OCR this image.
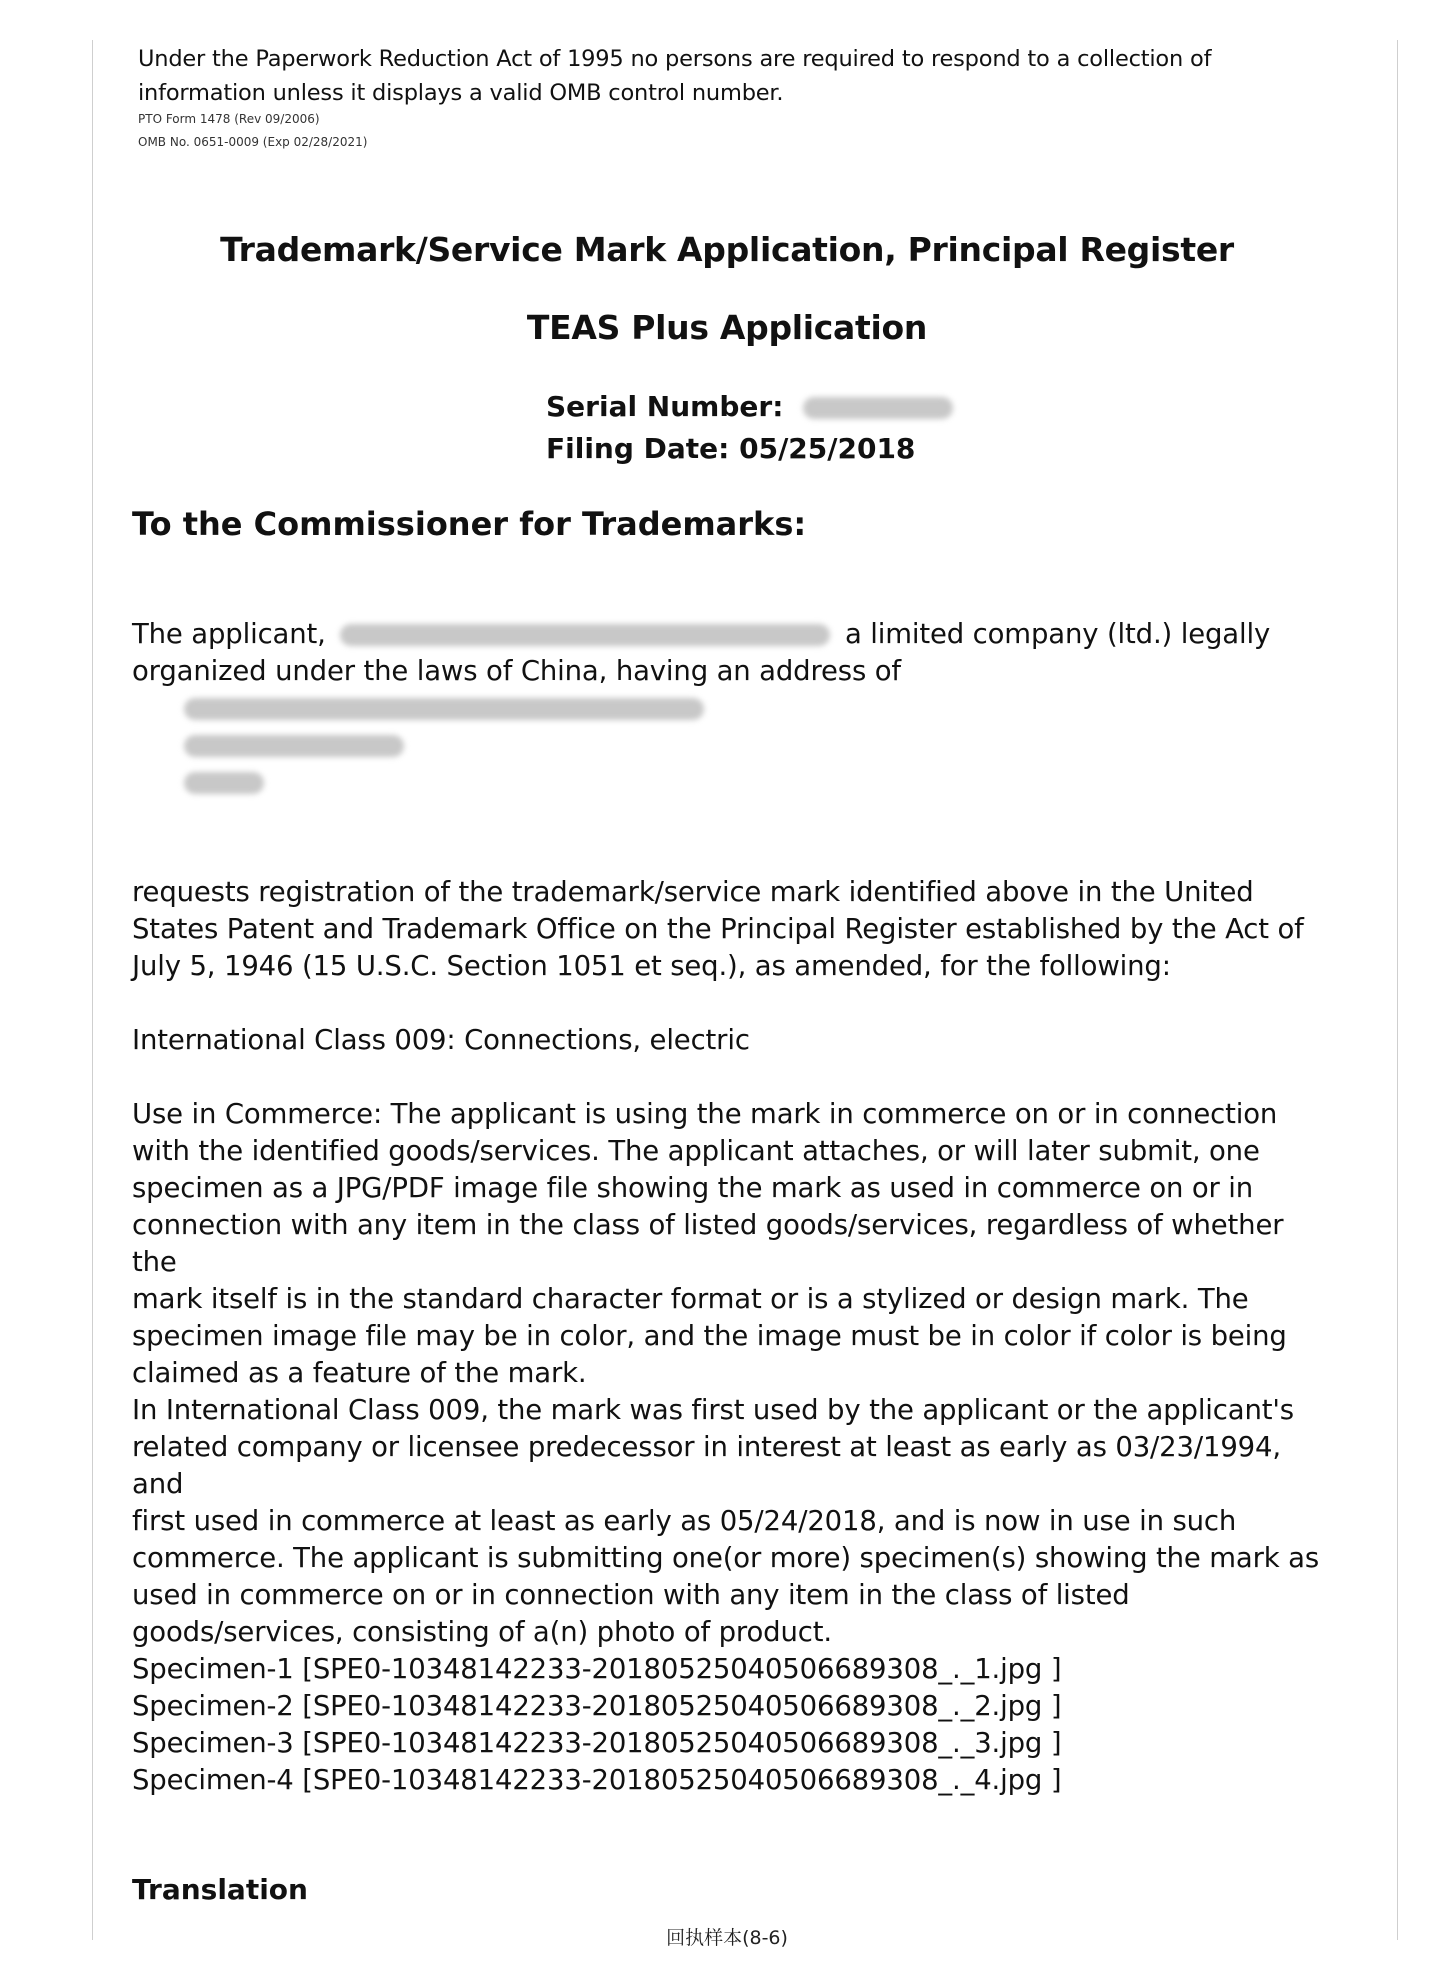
Under the Paperwork Reduction Act of 1995 no persons are required to respond to a collection of
information unless it displays a valid OMB control number.
PTO Form 1478 (Rev 09/2006)
OMB No. 0651-0009 (Exp 02/28/2021)
Trademark/Service Mark Application, Principal Register
TEAS Plus Application
Serial Number:
Filing Date: 05/25/2018
To the Commissioner for Trademarks:

The applicant,	a limited company (ltd.) legally

organized under the laws of China, having an address of

requests registration of the trademark/service mark identified above in the United

States Patent and Trademark Office on the Principal Register established by the Act of

July 5, 1946 (15 U.S.C. Section 1051 et seq.), as amended, for the following:

International Class 009: Connections, electric

Use in Commerce: The applicant is using the mark in commerce on or in connection

with the identified goods/services. The applicant attaches, or will later submit, one

specimen as a JPG/PDF image file showing the mark as used in commerce on or in

connection with any item in the class of listed goods/services, regardless of whether the

mark itself is in the standard character format or is a stylized or design mark. The

specimen image file may be in color, and the image must be in color if color is being

claimed as a feature of the mark.

In International Class 009, the mark was first used by the applicant or the applicant's

related company or licensee predecessor in interest at least as early as 03/23/1994, and

first used in commerce at least as early as 05/24/2018, and is now in use in such

commerce. The applicant is submitting one(or more) specimen(s) showing the mark as

used in commerce on or in connection with any item in the class of listed

goods/services, consisting of a(n) photo of product.

Specimen-1 [SPE0-10348142233-20180525040506689308_._1.jpg ]

Specimen-2 [SPE0-10348142233-20180525040506689308_._2.jpg ]

Specimen-3 [SPE0-10348142233-20180525040506689308_._3.jpg ]

Specimen-4 [SPE0-10348142233-20180525040506689308_._4.jpg ]

Translation
回执样本(8-6)
